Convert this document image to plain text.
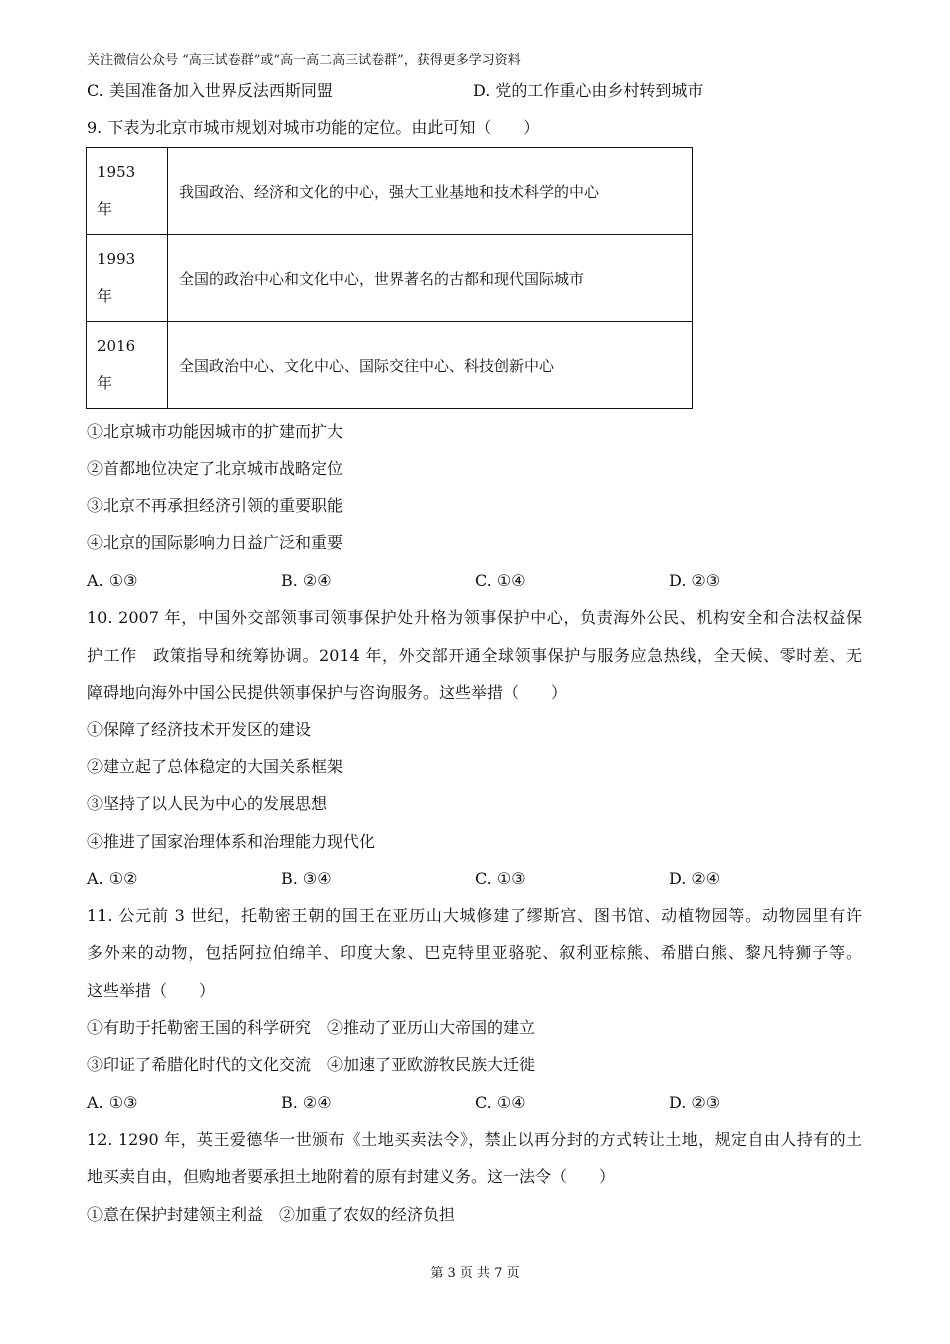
关注微信公众号 “高三试卷群”或“高一高二高三试卷群”，获得更多学习资料
C. 美国准备加入世界反法西斯同盟	D. 党的工作重心由乡村转到城市
9. 下表为北京市城市规划对城市功能的定位。由此可知（　　）
1953
年	我国政治、经济和文化的中心，强大工业基地和技术科学的中心
1993
年	全国的政治中心和文化中心，世界著名的古都和现代国际城市
2016
年	全国政治中心、文化中心、国际交往中心、科技创新中心
①北京城市功能因城市的扩建而扩大
②首都地位决定了北京城市战略定位
③北京不再承担经济引领的重要职能
④北京的国际影响力日益广泛和重要
A. ①③	B. ②④	C. ①④	D. ②③
10. 2007 年，中国外交部领事司领事保护处升格为领事保护中心，负责海外公民、机构安全和合法权益保
护工作　政策指导和统筹协调。2014 年，外交部开通全球领事保护与服务应急热线，全天候、零时差、无
障碍地向海外中国公民提供领事保护与咨询服务。这些举措（　　）
①保障了经济技术开发区的建设
②建立起了总体稳定的大国关系框架
③坚持了以人民为中心的发展思想
④推进了国家治理体系和治理能力现代化
A. ①②	B. ③④	C. ①③	D. ②④
11. 公元前 3 世纪，托勒密王朝的国王在亚历山大城修建了缪斯宫、图书馆、动植物园等。动物园里有许
多外来的动物，包括阿拉伯绵羊、印度大象、巴克特里亚骆驼、叙利亚棕熊、希腊白熊、黎凡特狮子等。
这些举措（　　）
①有助于托勒密王国的科学研究　②推动了亚历山大帝国的建立
③印证了希腊化时代的文化交流　④加速了亚欧游牧民族大迁徙
A. ①③	B. ②④	C. ①④	D. ②③
12. 1290 年，英王爱德华一世颁布《土地买卖法令》，禁止以再分封的方式转让土地，规定自由人持有的土
地买卖自由，但购地者要承担土地附着的原有封建义务。这一法令（　　）
①意在保护封建领主利益　②加重了农奴的经济负担
第 3 页 共 7 页
